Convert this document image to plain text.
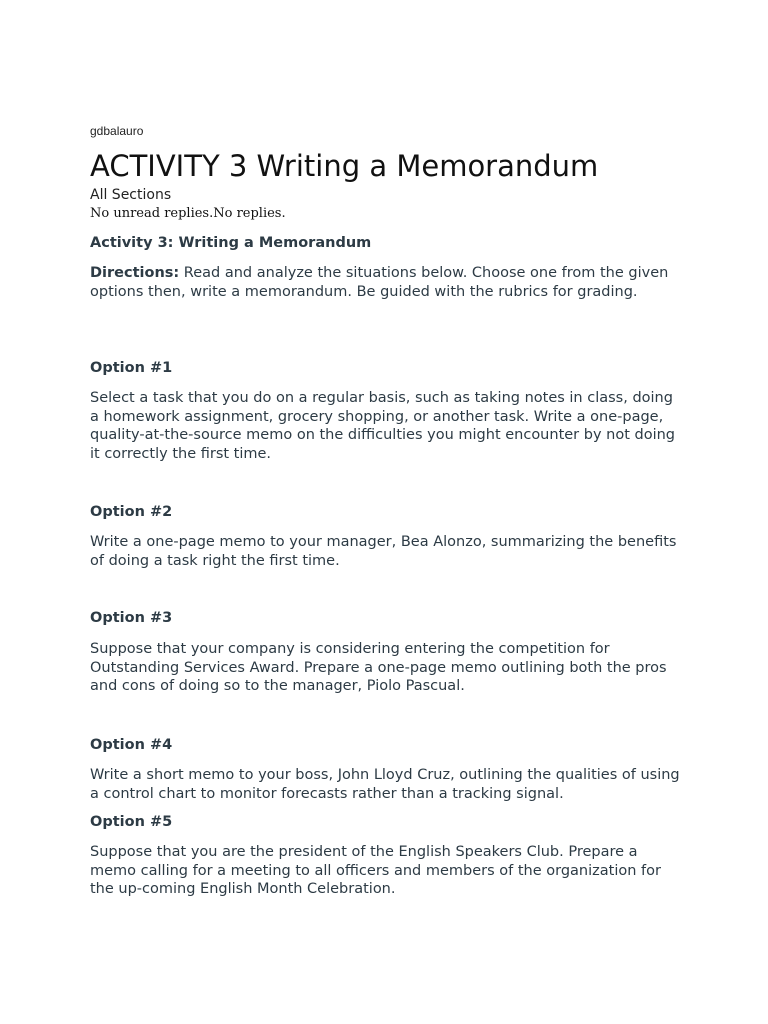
gdbalauro
ACTIVITY 3 Writing a Memorandum
All Sections
No unread replies.No replies.
Activity 3: Writing a Memorandum

Directions: Read and analyze the situations below. Choose one from the given options then, write a memorandum. Be guided with the rubrics for grading.

Option #1

Select a task that you do on a regular basis, such as taking notes in class, doing a homework assignment, grocery shopping, or another task. Write a one-page, quality-at-the-source memo on the difficulties you might encounter by not doing it correctly the first time.

Option #2

Write a one-page memo to your manager, Bea Alonzo, summarizing the benefits of doing a task right the first time.

Option #3

Suppose that your company is considering entering the competition for Outstanding Services Award. Prepare a one-page memo outlining both the pros and cons of doing so to the manager, Piolo Pascual.

Option #4

Write a short memo to your boss, John Lloyd Cruz, outlining the qualities of using a control chart to monitor forecasts rather than a tracking signal.

Option #5

Suppose that you are the president of the English Speakers Club. Prepare a memo calling for a meeting to all officers and members of the organization for the up-coming English Month Celebration.
